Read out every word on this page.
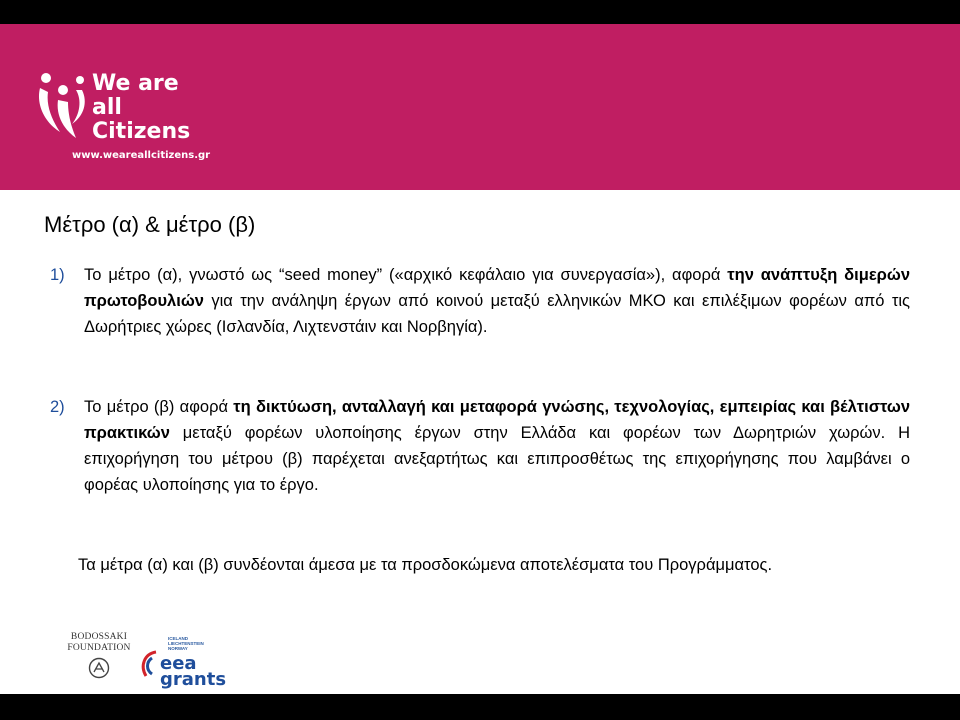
We are
all
Citizens
www.weareallcitizens.gr
Μέτρο (α) & μέτρο (β)
1) Το μέτρο (α), γνωστό ως “seed money” («αρχικό κεφάλαιο για συνεργασία»), αφορά την ανάπτυξη διμερών πρωτοβουλιών για την ανάληψη έργων από κοινού μεταξύ ελληνικών ΜΚΟ και επιλέξιμων φορέων από τις Δωρήτριες χώρες (Ισλανδία, Λιχτενστάιν και Νορβηγία).
2) Το μέτρο (β) αφορά τη δικτύωση, ανταλλαγή και μεταφορά γνώσης, τεχνολογίας, εμπειρίας και βέλτιστων πρακτικών μεταξύ φορέων υλοποίησης έργων στην Ελλάδα και φορέων των Δωρητριών χωρών. Η επιχορήγηση του μέτρου (β) παρέχεται ανεξαρτήτως και επιπροσθέτως της επιχορήγησης που λαμβάνει ο φορέας υλοποίησης για το έργο.
Τα μέτρα (α) και (β) συνδέονται άμεσα με τα προσδοκώμενα αποτελέσματα του Προγράμματος.
BODOSSAKI
FOUNDATION
ICELAND
LIECHTENSTEIN
NORWAY
eea
grants
